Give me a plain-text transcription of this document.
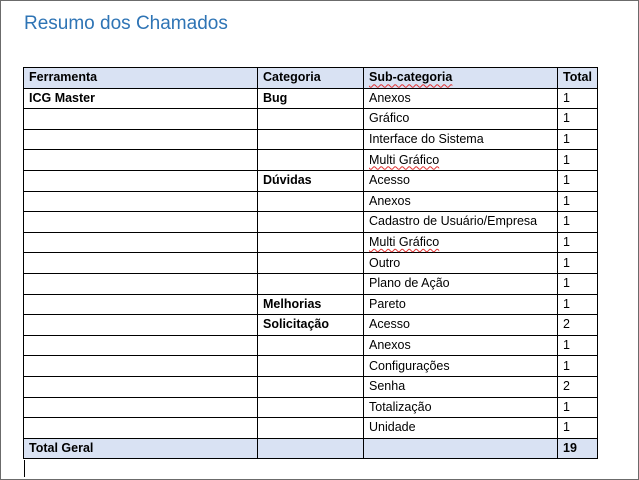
Resumo dos Chamados
Ferramenta	Categoria	Sub-categoria	Total
ICG Master	Bug	Anexos	1
		Gráfico	1
		Interface do Sistema	1
		Multi Gráfico	1
	Dúvidas	Acesso	1
		Anexos	1
		Cadastro de Usuário/Empresa	1
		Multi Gráfico	1
		Outro	1
		Plano de Ação	1
	Melhorias	Pareto	1
	Solicitação	Acesso	2
		Anexos	1
		Configurações	1
		Senha	2
		Totalização	1
		Unidade	1
Total Geral			19
